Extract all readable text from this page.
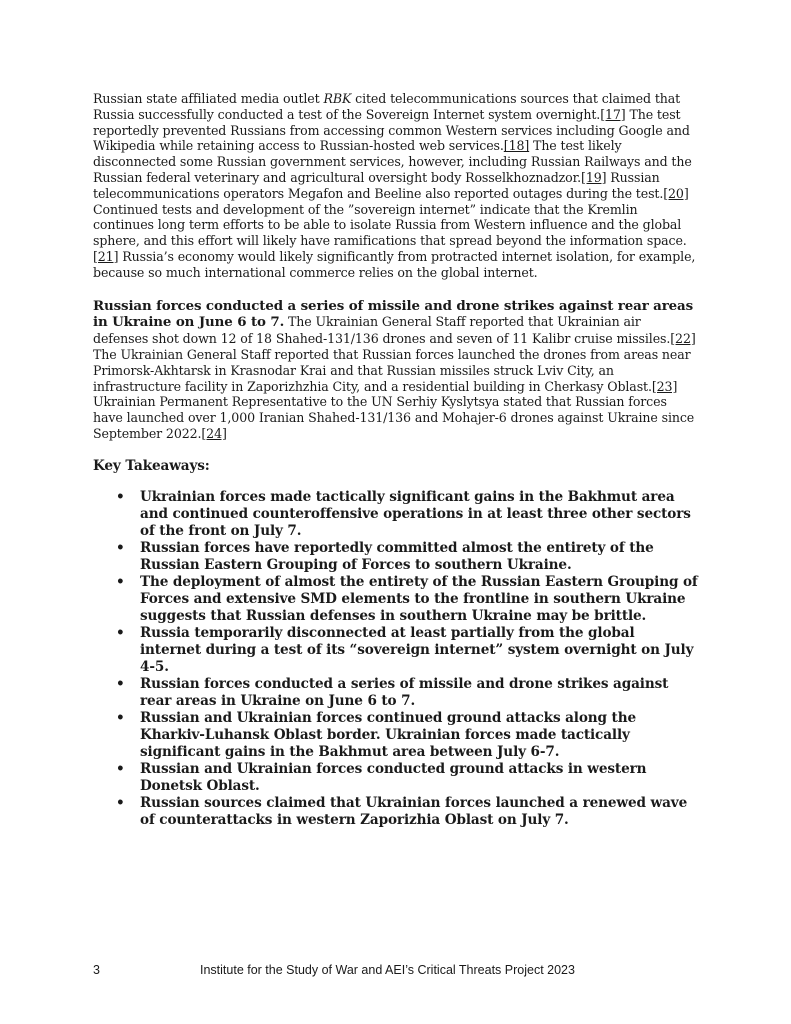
Russian state affiliated media outlet RBK cited telecommunications sources that claimed that Russia successfully conducted a test of the Sovereign Internet system overnight.[17] The test reportedly prevented Russians from accessing common Western services including Google and Wikipedia while retaining access to Russian-hosted web services.[18] The test likely disconnected some Russian government services, however, including Russian Railways and the Russian federal veterinary and agricultural oversight body Rosselkhoznadzor.[19] Russian telecommunications operators Megafon and Beeline also reported outages during the test.[20] Continued tests and development of the ”sovereign internet” indicate that the Kremlin continues long term efforts to be able to isolate Russia from Western influence and the global sphere, and this effort will likely have ramifications that spread beyond the information space.[21] Russia’s economy would likely significantly from protracted internet isolation, for example, because so much international commerce relies on the global internet.

Russian forces conducted a series of missile and drone strikes against rear areas in Ukraine on June 6 to 7. The Ukrainian General Staff reported that Ukrainian air defenses shot down 12 of 18 Shahed-131/136 drones and seven of 11 Kalibr cruise missiles.[22] The Ukrainian General Staff reported that Russian forces launched the drones from areas near Primorsk-Akhtarsk in Krasnodar Krai and that Russian missiles struck Lviv City, an infrastructure facility in Zaporizhzhia City, and a residential building in Cherkasy Oblast.[23] Ukrainian Permanent Representative to the UN Serhiy Kyslytsya stated that Russian forces have launched over 1,000 Iranian Shahed-131/136 and Mohajer-6 drones against Ukraine since September 2022.[24]

Key Takeaways:
• Ukrainian forces made tactically significant gains in the Bakhmut area and continued counteroffensive operations in at least three other sectors of the front on July 7.
• Russian forces have reportedly committed almost the entirety of the Russian Eastern Grouping of Forces to southern Ukraine.
• The deployment of almost the entirety of the Russian Eastern Grouping of Forces and extensive SMD elements to the frontline in southern Ukraine suggests that Russian defenses in southern Ukraine may be brittle.
• Russia temporarily disconnected at least partially from the global internet during a test of its “sovereign internet” system overnight on July 4-5.
• Russian forces conducted a series of missile and drone strikes against rear areas in Ukraine on June 6 to 7.
• Russian and Ukrainian forces continued ground attacks along the Kharkiv-Luhansk Oblast border. Ukrainian forces made tactically significant gains in the Bakhmut area between July 6-7.
• Russian and Ukrainian forces conducted ground attacks in western Donetsk Oblast.
• Russian sources claimed that Ukrainian forces launched a renewed wave of counterattacks in western Zaporizhia Oblast on July 7.
3	Institute for the Study of War and AEI’s Critical Threats Project 2023
